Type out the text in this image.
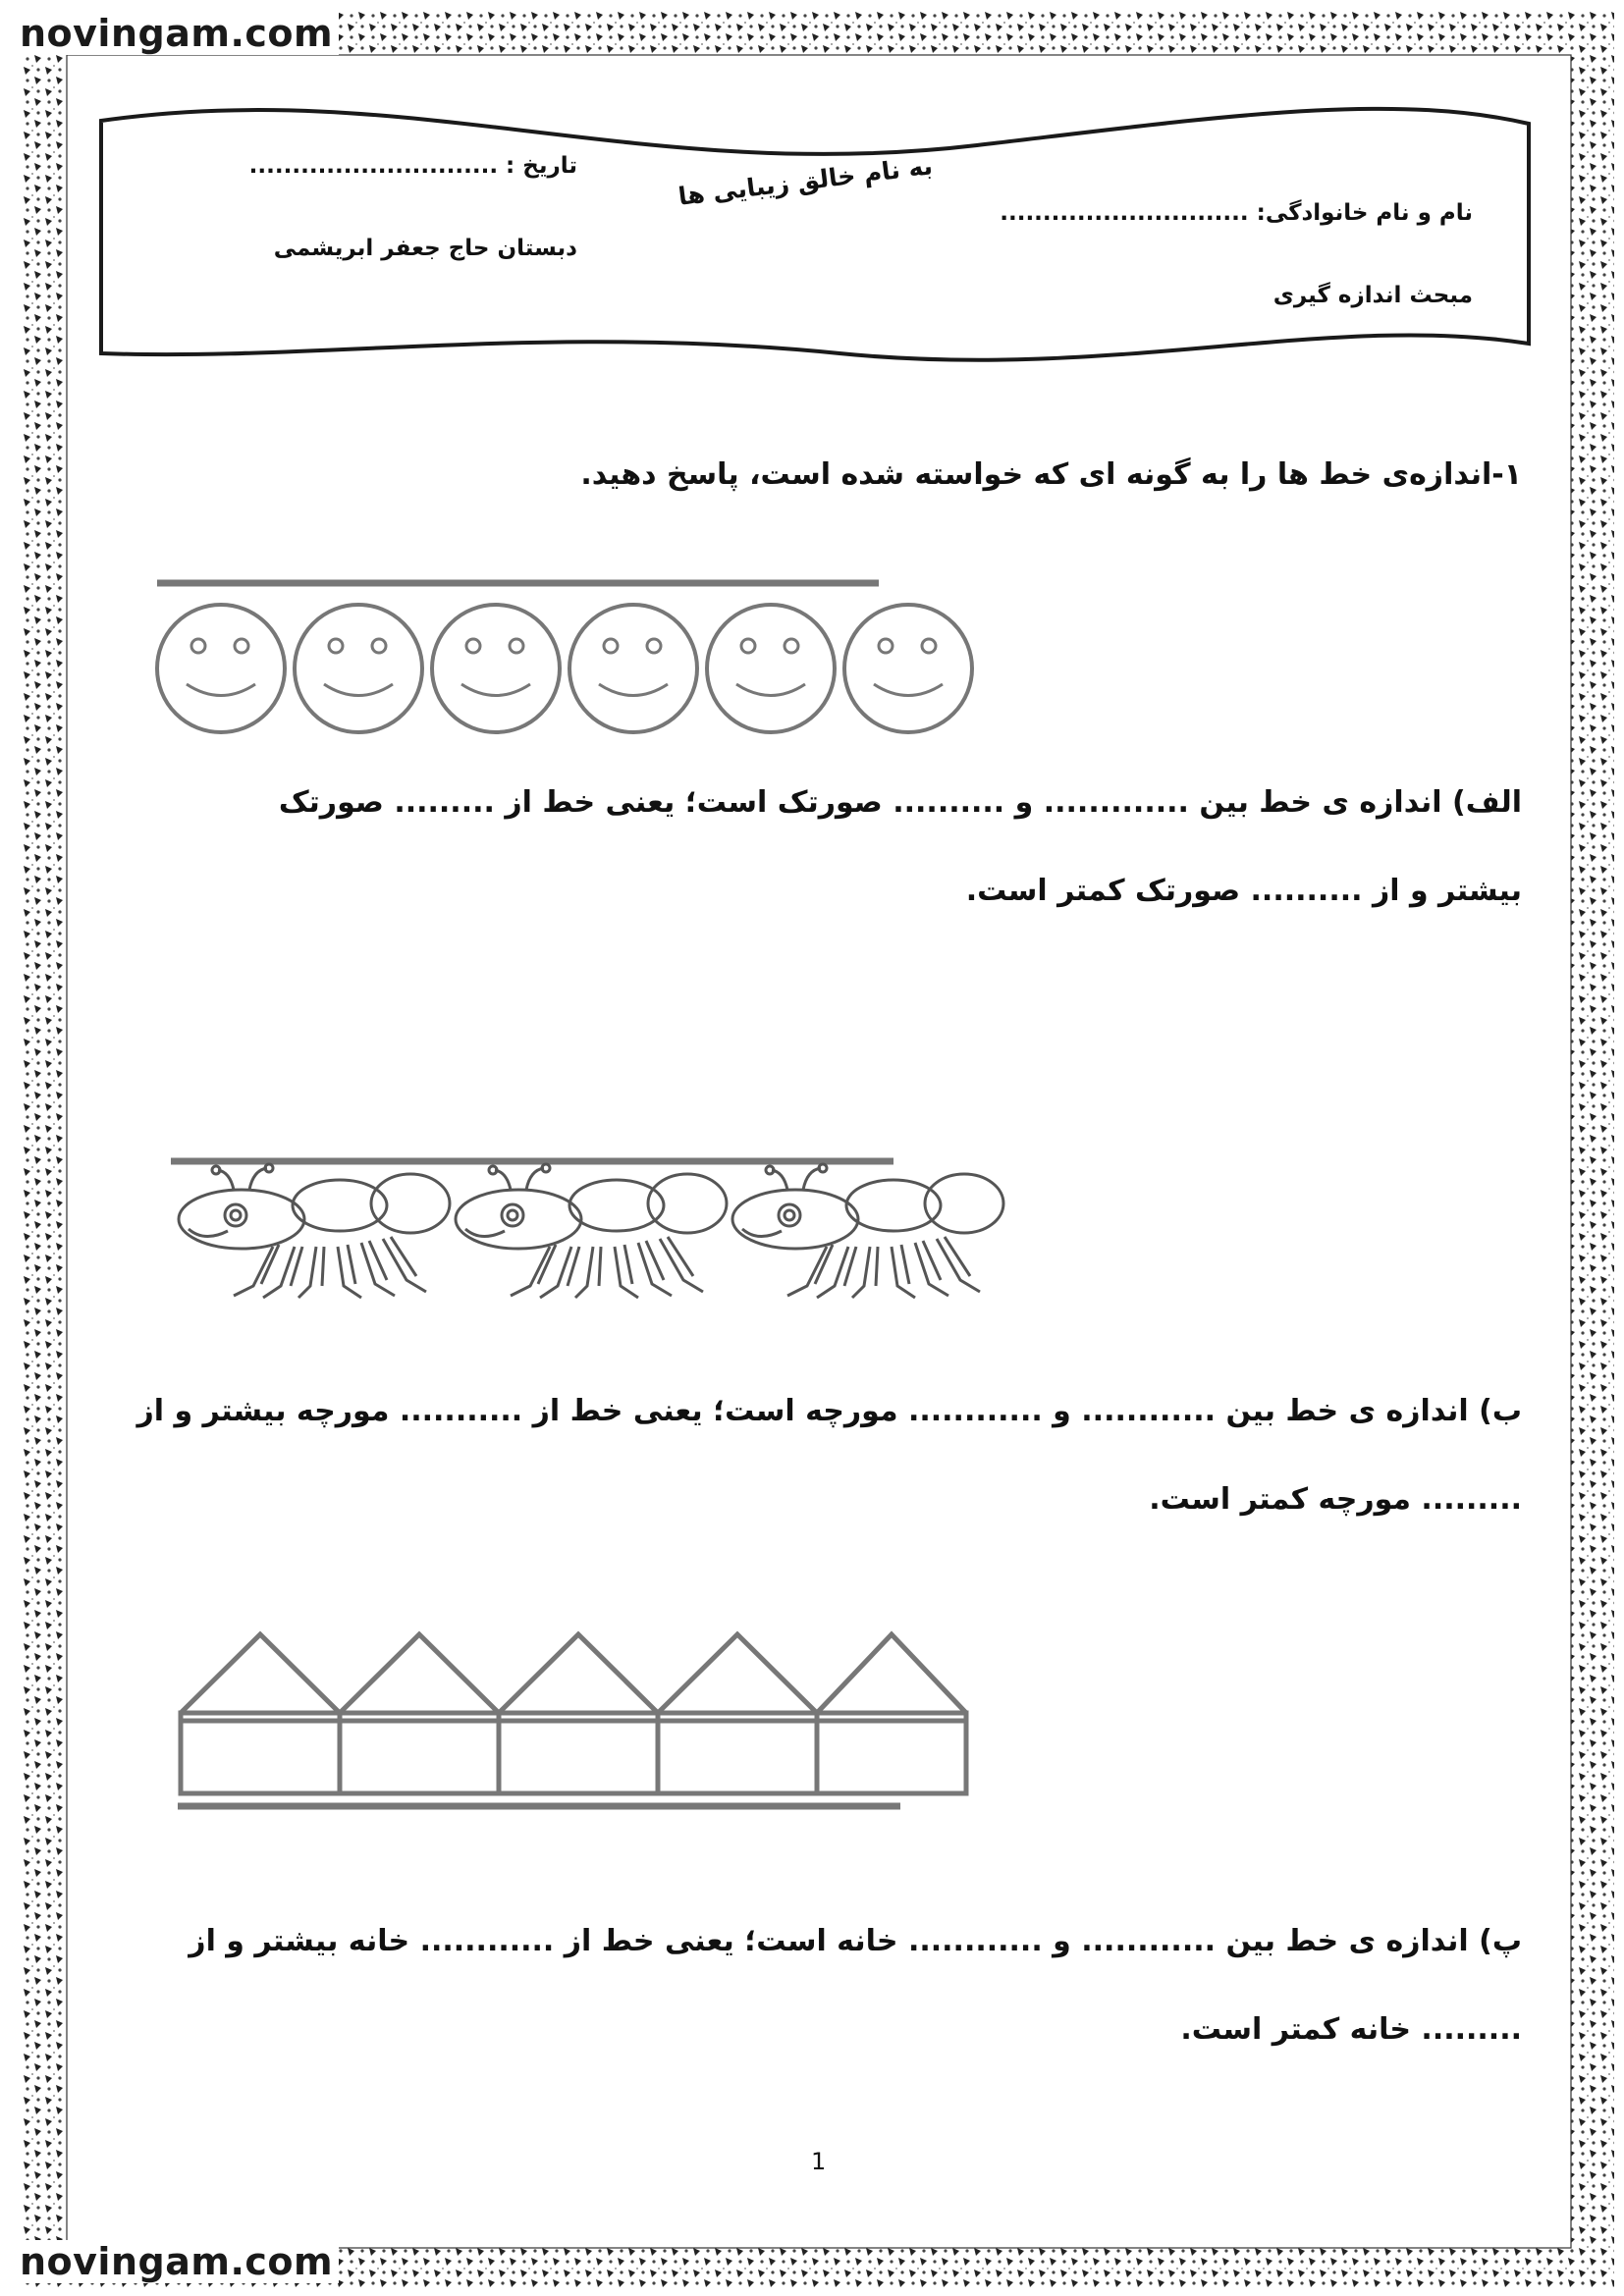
novingam.com
novingam.com
به نام خالق زیبایی ها
نام و نام خانوادگی: .............................
مبحث اندازه گیری
تاریخ : .............................
دبستان حاج جعفر ابریشمی
۱-اندازه‌ی خط ها را به گونه ای که خواسته شده است، پاسخ دهید.
الف) اندازه ی خط بین ............. و .......... صورتک است؛ یعنی خط از ......... صورتک
بیشتر و از .......... صورتک کمتر است.
ب) اندازه ی خط بین ............ و ............ مورچه است؛ یعنی خط از ........... مورچه بیشتر و از
......... مورچه کمتر است.
پ) اندازه ی خط بین ............ و ............ خانه است؛ یعنی خط از ............ خانه بیشتر و از
......... خانه کمتر است.
1
